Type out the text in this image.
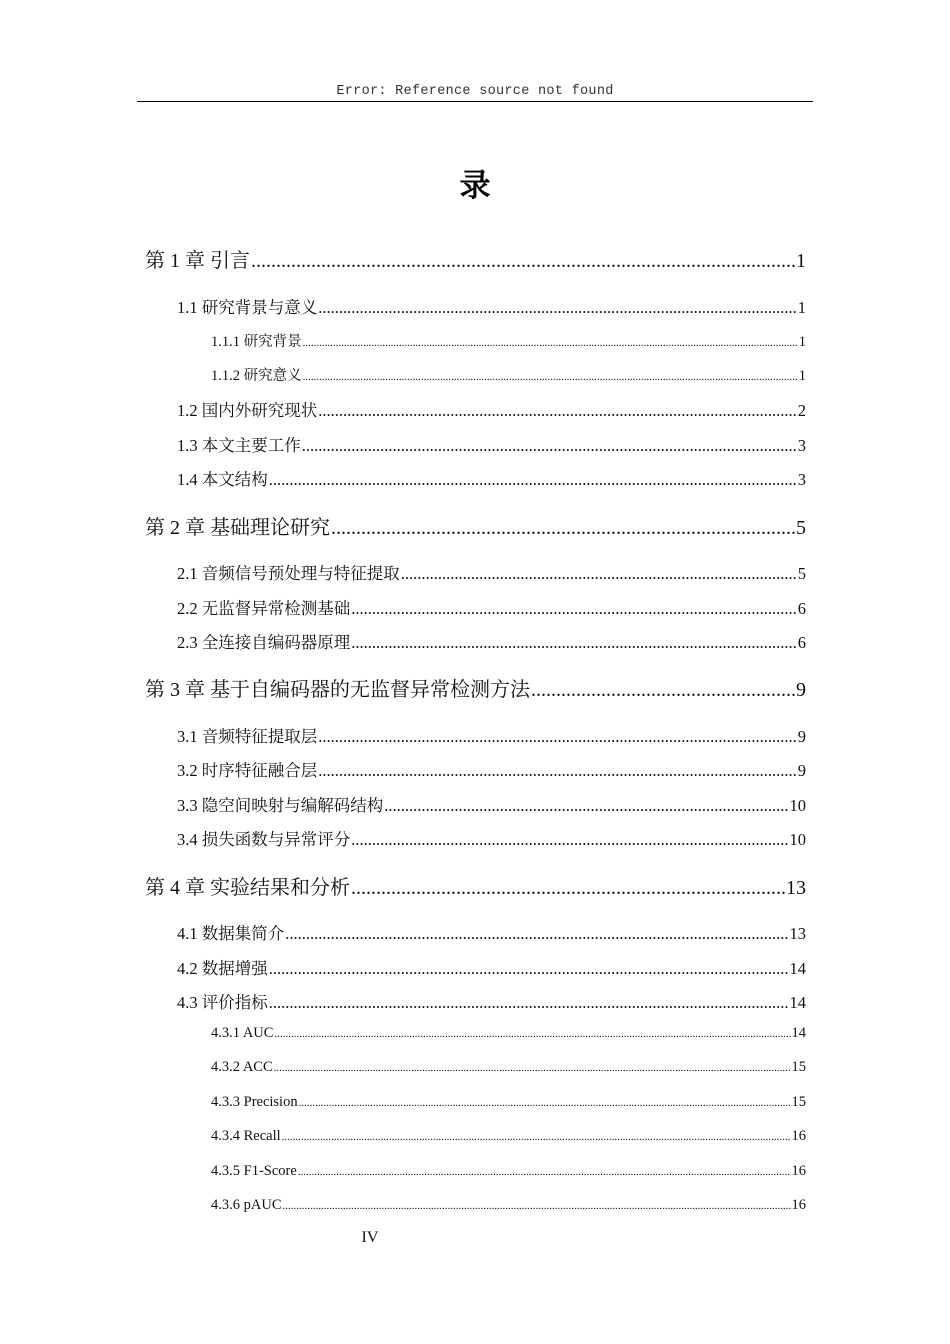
Error: Reference source not found
录
第 1 章 引言 .....	1
1.1 研究背景与意义 .....	1
1.1.1 研究背景 .....	1
1.1.2 研究意义 .....	1
1.2 国内外研究现状 .....	2
1.3 本文主要工作 .....	3
1.4 本文结构 .....	3
第 2 章 基础理论研究 .....	5
2.1 音频信号预处理与特征提取 .....	5
2.2 无监督异常检测基础 .....	6
2.3 全连接自编码器原理 .....	6
第 3 章 基于自编码器的无监督异常检测方法 .....	9
3.1 音频特征提取层 .....	9
3.2 时序特征融合层 .....	9
3.3 隐空间映射与编解码结构 .....	10
3.4 损失函数与异常评分 .....	10
第 4 章 实验结果和分析 .....	13
4.1 数据集简介 .....	13
4.2 数据增强 .....	14
4.3 评价指标 .....	14
4.3.1 AUC .....	14
4.3.2 ACC .....	15
4.3.3 Precision .....	15
4.3.4 Recall .....	16
4.3.5 F1-Score .....	16
4.3.6 pAUC .....	16
IV
